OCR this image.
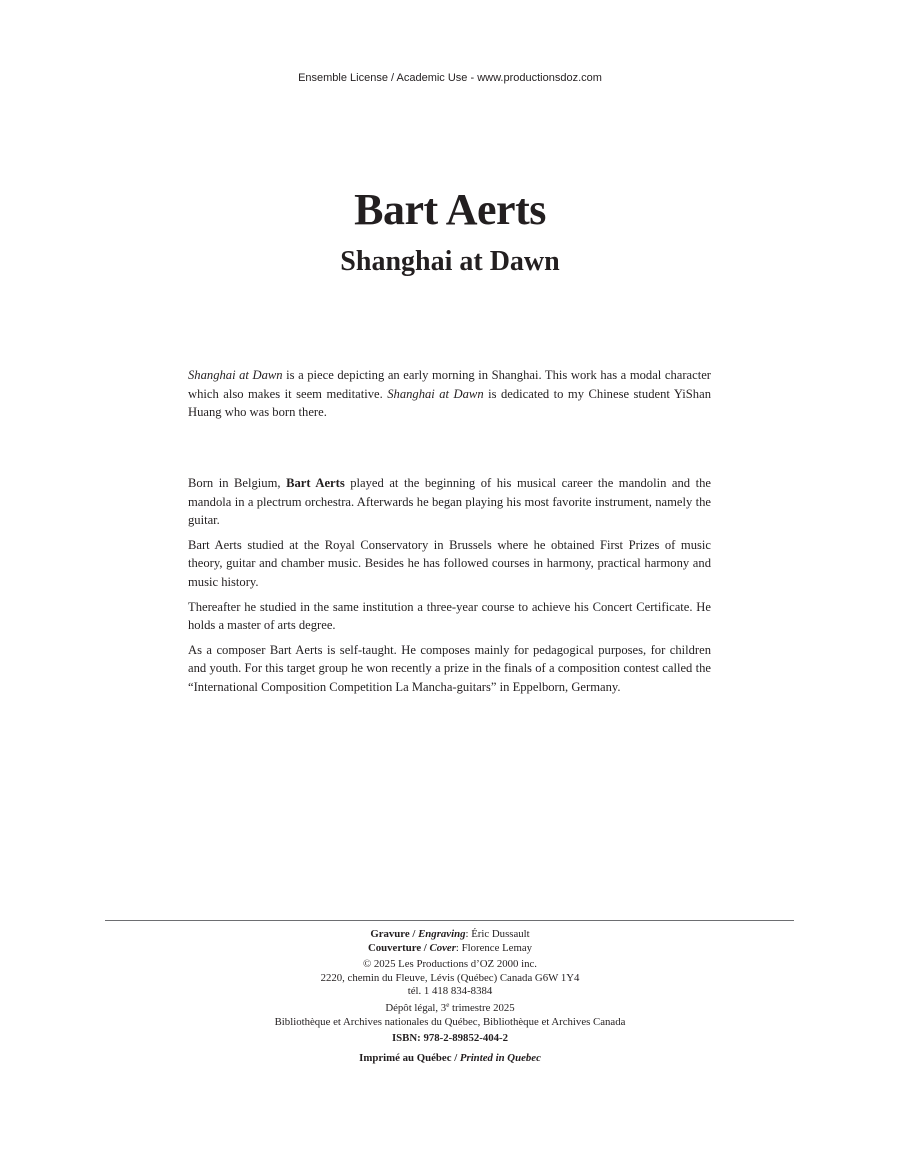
Ensemble License / Academic Use - www.productionsdoz.com
Bart Aerts
Shanghai at Dawn

Shanghai at Dawn is a piece depicting an early morning in Shanghai. This work has a modal character which also makes it seem meditative. Shanghai at Dawn is dedicated to my Chinese student YiShan Huang who was born there.

Born in Belgium, Bart Aerts played at the beginning of his musical career the mandolin and the mandola in a plectrum orchestra. Afterwards he began playing his most favorite instrument, namely the guitar.

Bart Aerts studied at the Royal Conservatory in Brussels where he obtained First Prizes of music theory, guitar and chamber music. Besides he has followed courses in harmony, practical harmony and music history.

Thereafter he studied in the same institution a three-year course to achieve his Concert Certificate. He holds a master of arts degree.

As a composer Bart Aerts is self-taught. He composes mainly for pedagogical purposes, for children and youth. For this target group he won recently a prize in the finals of a composition contest called the “International Composition Competition La Mancha-guitars” in Eppelborn, Germany.

Gravure / Engraving: Éric Dussault
Couverture / Cover: Florence Lemay
© 2025 Les Productions d’OZ 2000 inc.
2220, chemin du Fleuve, Lévis (Québec) Canada G6W 1Y4
tél. 1 418 834-8384
Dépôt légal, 3e trimestre 2025
Bibliothèque et Archives nationales du Québec, Bibliothèque et Archives Canada
ISBN: 978-2-89852-404-2
Imprimé au Québec / Printed in Quebec
